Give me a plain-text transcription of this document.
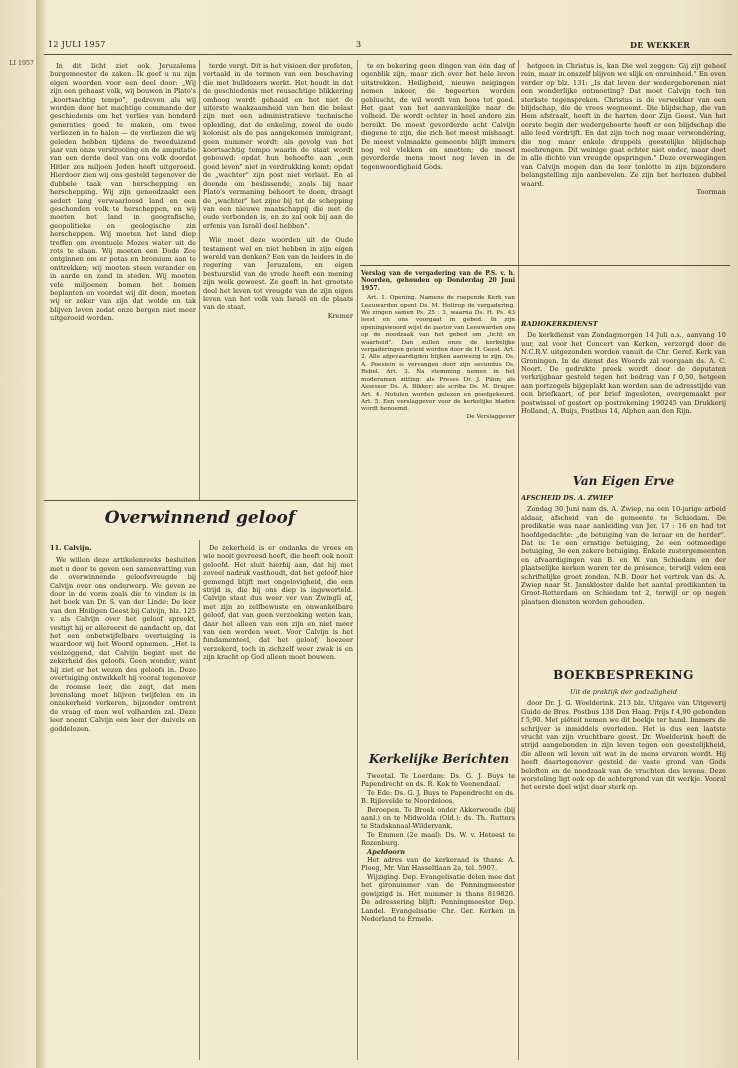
LI 1957
12 JULI 1957	3	DE WEKKER

In dit licht ziet ook Jeruzalems burgemeester de zaken. Ik geef u nu zijn eigen woorden voor een deel door: „Wij zijn een gehaast volk, wij bouwen in Plato's „koortsachtig tempo", gedreven als wij worden door het machtige commando der geschiedenis om het verlies van honderd generaties goed te maken, om twee verliezen in te halen — de verliezen die wij geleden hebben tijdens de tweeduizend jaar van onze verstrooiing en de amputatie van een derde deel van ons volk doordat Hitler zes miljoen Joden heeft uitgeroeid. Hierdoor zien wij ons gesteld tegenover de dubbele taak van herschepping en herschepping. Wij zijn genoodzaakt een sedert lang verwaarloosd land en een geschonden volk te herscheppen, en wij moeten het land in geografische, geopolitieke en geologische zin herscheppen. Wij moeten het land diep treffen om eventuele Mozes water uit de rots te slaan. Wij moeten een Dode Zee ontginnen om er potas en bromium aan te onttrekken; wij moeten steen verander en in aarde en zand in steden. Wij moeten vele miljoenen bomen het bomen beplanten en voordat wij dit doen, moeten wij er zeker van zijn dat wolde en tak blijven leven zodat onze bergen niet meer uitgeroeid worden.

terde vergt. Dit is het visioen der profeten, vertaald in de termen van een beschaving die met bulldozers werkt. Het houdt in dat de geschiedenis met reusachtige blikkering omhoog wordt gehaald en het niet de uiterste waakzaamheid van hen die belast zijn met een administratieve technische opleiding, dat de enkeling, zowel de oude kolonist als de pas aangekomen immigrant, geen nummer wordt: als gevolg van het koortsachtig tempo waarin de staat wordt gebouwd: opdat hun behoefte aan „een goed leven" niet in verdrukking komt; opdat de „wachter" zijn post niet verlaat. En al doende om beslissende, zoals bij naar Plato's vermaning behoort te doen, draagt de „wachter" het zijne bij tot de schepping van een nieuwe maatschappij die met de oude verbonden is, en zo zal ook bij aan de erfenis van Israël deel hebben".

Wie moet deze woorden uit de Oude testament wel en niet hebben in zijn eigen wereld van denken? Een van de leiders in de regering van Jeruzalem, en eigen bestuurslid van de vrede heeft een mening zijn wolk geweest. Ze geeft in het grootste deel het leven tot vreugde van de zijn eigen leven van het volk van Israël en de plaats van de staat.

Kremer

te en bekering geen dingen van één dag of ogenblik zijn, maar zich over het hele leven uitstrekken. Heiligheid, nieuwe neigingen nemen inkeer, de begeerten worden gebluscht, de wil wordt van boos tot goed. Het gaat van het aanvankelijke naar de volheid. De wordt echter in heel andere zin bereikt. De moest gevorderde acht Calvijn diegene te zijn, die zich het meest mishaagt. De meest volmaakte gemeente blijft immers nog vol vlekken en smetten; de meest gevorderde mens moet nog leven in de tegenwoordigheid Gods.

hetgeen in Christus is, kan Die wel zeggen: Gij zijt geheel rein, maar in onszelf blijven we slijk en onreinheid." En even verder op blz. 131: „Is dat leven der wedergeborenen niet een wonderlijke ontmoeting? Dat moet Calvijn toch ten sterkste tegenspreken. Christus is de verwekker van een blijdschap, die de vrees wegneemt. Die blijdschap, die van Hem afstraalt, heeft in de harten door Zijn Geest. Van het eerste begin der wedergeboorte heeft er een blijdschap die alle leed verdrijft. En dat zijn toch nog maar verwondering, die nog maar enkele druppels geestelijke blijdschap meebrengen. Dit weinige gaat echter niet onder, maar doet in alle dichte van vreugde opspringen." Deze overwegingen van Calvijn mogen dan de leer tonlotte in zijn bijzondere belangstelling zijn aanbevelen. Ze zijn het herlezen dubbel waard.

Toorman
Overwinnend geloof
11. Calvijn.

We willen deze artikelenreeks besluiten met u door te geven een samenvatting van de overwinnende geloofsvreugde bij Calvijn over ons onderwerp. We geven ze door in de vorm zoals die te vinden is in het boek van Dr. S. van der Linde: De leer van den Heiligen Geest bij Calvijn, blz. 125 v. als Calvijn over het geloof spreekt, vestigt hij er allereerst de aandacht op, dat het een onbetwijfelbare overtuiging is waardoor wij het Woord opnemen. „Het is veelzeggend, dat Calvijn begint met de zekerheid des geloofs. Geen wonder, want hij ziet er het wezen des geloofs in. Deze overtuiging ontwikkelt hij vooral tegenover de roomse leer, die zegt, dat men levenslang moet blijven twijfelen en in onzekerheid verkeren, bijzonder omtrent de vraag of men wel volharden zal. Deze leer noemt Calvijn een leer der duivels en goddelozen.

De zekerheid is er ondanks de vrees en wie nooit gevreesd heeft, die heeft ook nooit geloofd. Het sluit hierbij aan, dat hij met zoveel nadruk vasthoudt, dat het geloof hier gemengd blijft met ongelovigheid, die een strijd is, die bij ons diep is ingeworteld. Calvijn staat dus weer ver van Zwingli af, met zijn zo zelfbewuste en onwankelbare geloof, dat van geen verzoeking weten kan, daar het alleen van een zijn en niet meer van een worden weet. Voor Calvijn is het fundamenteel, dat het geloof, hoezeer verzekerd, toch in zichzelf weer zwak is en zijn kracht op God alleen moet bouwen.

Verslag van de vergadering van de P.S. v. h. Noorden, gehouden op Donderdag 20 Juni 1957.

Art. 1. Opening. Namens de roepende Kerk van Leeuwarden opent Ds. M. Holtrop de vergadering. We zingen samen Ps. 25 : 3, waarna Ds. H. Ps. 43 leest en ons voorgaat in gebed. In zijn openingswoord wijst de pastor van Leeuwarden ons op de noodzaak van het gebed om „licht en waarheid". Dan zullen onze de kerkelijke vergaderingen geleid worden door de H. Geest. Art. 2. Alle afgevaardigden blijken aanwezig te zijn. Ds. A. Poesiein is vervangen door zijn secundus Ds. Rebel. Art. 3. Na stemming nemen in het moderamen zitting: als Preses Dr. J. Pilon; als Assessor Ds. A. Bikker; als scriba Ds. M. Draijer. Art. 4. Notulen worden gelezen en goedgekeurd. Art. 5. Een verslaggever voor de kerkelijke bladen wordt benoemd.

De Verslaggever
Kerkelijke Berichten

Tweetal. Te Loerdam: Ds. G. J. Buys te Papendrecht en ds. R. Kok te Veenendaal.

Te Ede: Ds. G. J. Buys te Papendrecht en ds. B. Rijlevelde te Noordeloos.

Beroepen. Te Broek onder Akkerwoude (bij aanl.) en te Midwolda (Old.): ds. Th. Rutters te Stadskanaal-Wildervank.

Te Emmen (2e maal): Ds. W. v. Heteest te Rozenburg.

Apeldoorn

Het adres van de kerkeraad is thans: A. Ploeg, Mr. Van Hasseltlaan 2a, tel. 5907.

Wijziging. Dep. Evangelisatie delen mee dat het gironummer van de Penningmeester gewijzigd is. Het nummer is thans 819826. De adressering blijft: Penningmeester Dep. Landel. Evangelisatie Chr. Ger. Kerken in Nederland te Ermelo.

RADIOKERKDIENST

De kerkdienst van Zondagmorgen 14 Juli a.s., aanvang 10 uur, zal voor het Concert van Kerken, verzorgd door de N.C.R.V. uitgezonden worden vanuit de Chr. Geref. Kerk van Groningen. In de dienst des Woords zal voorgaan ds. A. C. Noort. De gedrukte preek wordt door de deputaten verkrijgbaar gesteld tegen het bedrag van f 0,50, hetgeen aan portzegels bijgeplakt kan worden aan de adresstijde van een briefkaart, of per brief ingesloten, overgemaakt per postwissel of gestort op postrekening 190245 van Drukkerij Holland, A. Buijs, Postbus 14, Alphen aan den Rijn.

Van Eigen Erve
AFSCHEID DS. A. ZWIEP

Zondag 30 Juni nam ds. A. Zwiep, na een 10-jarige arbeid aldaar, afscheid van de gemeente te Schiedam. De predikatie was naar aanleiding van Jer. 17 : 16 en had tot hoofdgedachte: „de betuiging van de leraar en de herder". Dat is: 1e een ernstige betuiging, 2e een ootmoedige betuiging, 3e een zekere betuiging. Enkele zustergemeenten en afvaardigingen van B. en W. van Schiedam en der plaatselijke kerken waren ter de présence, terwijl velen een schriftelijke groet zonden. N.B. Door het vertrek van ds. A. Zwiep naar St. Janskloster dalde het aantal predikanten in Groot-Rotterdam en Schiedam tot 2, terwijl er op negen plaatsen diensten worden gehouden.

BOEKBESPREKING
Uit de praktijk der godzaligheid

door Dr. J. G. Woelderink. 213 blz. Uitgave van Uitgeverij Guido de Bres. Postbus 138 Den Haag. Prijs f 4,90 gebonden f 5,90. Met piëteit nemen we dit boekje ter hand. Immers de schrijver is inmiddels overleden. Het is dus een laatste vrucht van zijn vruchtbare geest. Dr. Woelderink heeft de strijd aangebonden in zijn leven tegen een geestelijkheid, die alleen wil leven uit wat in de mens ervaren wordt. Hij heeft daartegenover gesteld de vaste grond van Gods beloften en de noodzaak van de vruchten des levens. Deze worsteling ligt ook op de achtergrond van dit werkje. Vooral het eerste deel wijst daar sterk op.
